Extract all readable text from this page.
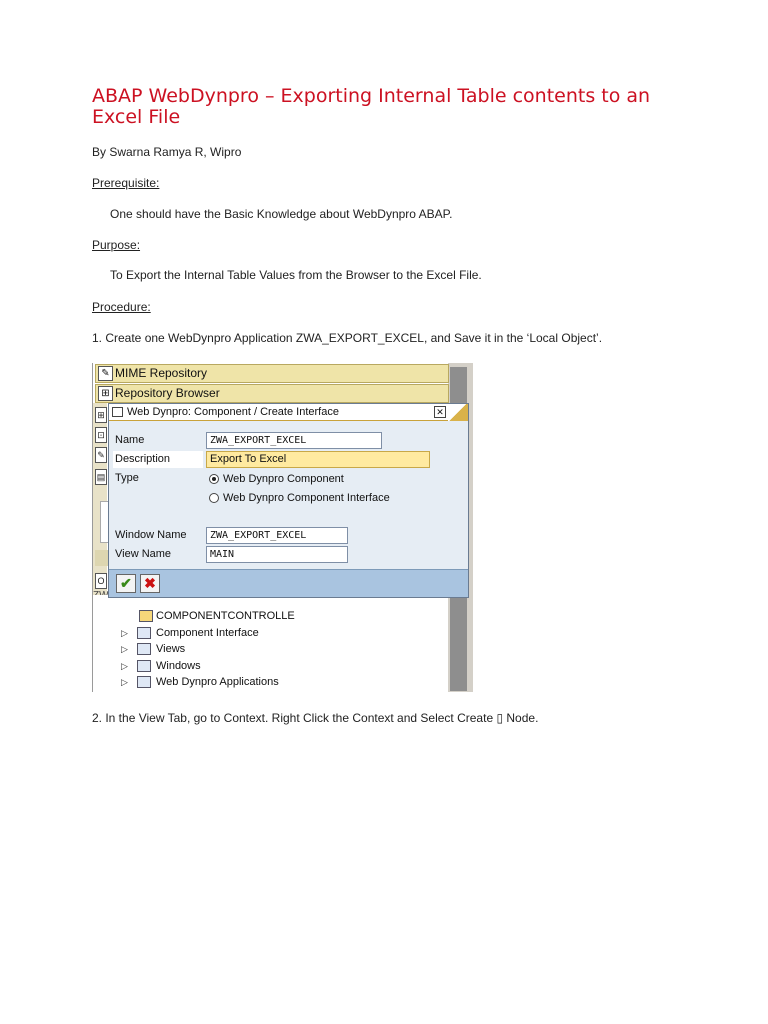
ABAP WebDynpro – Exporting Internal Table contents to an Excel File
By Swarna Ramya R, Wipro
Prerequisite:
One should have the Basic Knowledge about WebDynpro ABAP.
Purpose:
To Export the Internal Table Values from the Browser to the Excel File.
Procedure:
1. Create one WebDynpro Application ZWA_EXPORT_EXCEL, and Save it in the ‘Local Object’.
✎ MIME Repository
⊞ Repository Browser
⊞
⊡
✎
▤
O
COMPONENTCONTROLLE
▷	Component Interface
▷	Views
▷	Windows
▷	Web Dynpro Applications
Web Dynpro: Component / Create Interface	✕
Name	ZWA_EXPORT_EXCEL
Description	Export To Excel
Type	Web Dynpro Component
Web Dynpro Component Interface
Window Name	ZWA_EXPORT_EXCEL
View Name	MAIN
✔ ✖
2. In the View Tab, go to Context. Right Click the Context and Select Create ▯ Node.
